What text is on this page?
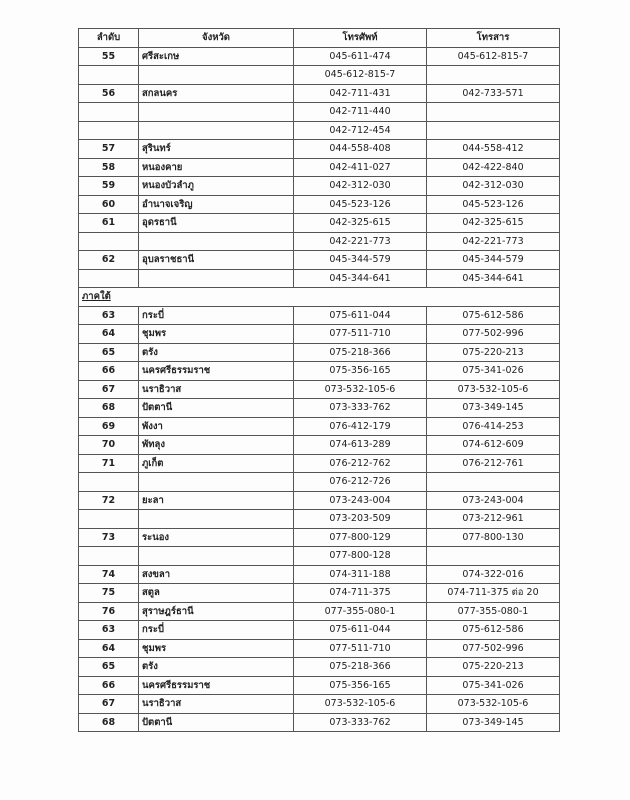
ลำดับ	จังหวัด	โทรศัพท์	โทรสาร
55	ศรีสะเกษ	045-611-474	045-612-815-7
		045-612-815-7	
56	สกลนคร	042-711-431	042-733-571
		042-711-440	
		042-712-454	
57	สุรินทร์	044-558-408	044-558-412
58	หนองคาย	042-411-027	042-422-840
59	หนองบัวลำภู	042-312-030	042-312-030
60	อำนาจเจริญ	045-523-126	045-523-126
61	อุดรธานี	042-325-615	042-325-615
		042-221-773	042-221-773
62	อุบลราชธานี	045-344-579	045-344-579
		045-344-641	045-344-641
ภาคใต้			
63	กระบี่	075-611-044	075-612-586
64	ชุมพร	077-511-710	077-502-996
65	ตรัง	075-218-366	075-220-213
66	นครศรีธรรมราช	075-356-165	075-341-026
67	นราธิวาส	073-532-105-6	073-532-105-6
68	ปัตตานี	073-333-762	073-349-145
69	พังงา	076-412-179	076-414-253
70	พัทลุง	074-613-289	074-612-609
71	ภูเก็ต	076-212-762	076-212-761
		076-212-726	
72	ยะลา	073-243-004	073-243-004
		073-203-509	073-212-961
73	ระนอง	077-800-129	077-800-130
		077-800-128	
74	สงขลา	074-311-188	074-322-016
75	สตูล	074-711-375	074-711-375 ต่อ 20
76	สุราษฎร์ธานี	077-355-080-1	077-355-080-1
63	กระบี่	075-611-044	075-612-586
64	ชุมพร	077-511-710	077-502-996
65	ตรัง	075-218-366	075-220-213
66	นครศรีธรรมราช	075-356-165	075-341-026
67	นราธิวาส	073-532-105-6	073-532-105-6
68	ปัตตานี	073-333-762	073-349-145
